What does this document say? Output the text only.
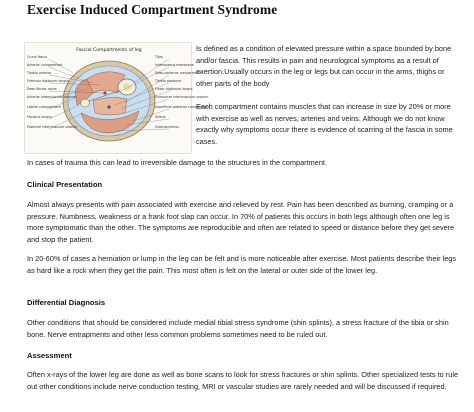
Exercise Induced Compartment Syndrome
Fascial Compartments of leg
Crural fascia
Anterior compartment
Tibialis anterior
Extensor digitorum longus
Deep fibular nerve
Anterior intermuscular septum
Lateral compartment
Fibularis longus
Posterior intermuscular septum
Tibia
Interosseous membrane
Deep posterior compartment
Tibialis posterior
Flexor digitorum longus
Transverse intermuscular septum
Superficial posterior compartment
Soleus
Gastrocnemius

Is defined as a condition of elevated pressure within a space bounded by bone and/or fascia. This results in pain and neurological symptoms as a result of exertion.Usually occurs in the leg or legs but can occur in the arms, thighs or other parts of the body

Each compartment contains muscles that can increase in size by 20% or more with exercise as well as nerves, arteries and veins. Although we do not know exactly why symptoms occur there is evidence of scarring of the fascia in some cases.

In cases of trauma this can lead to irreversible damage to the structures in the compartment.

Clinical Presentation

Almost always presents with pain associated with exercise and relieved by rest. Pain has been described as burning, cramping or a pressure. Numbness, weakness or a frank foot slap can occur. In 70% of patients this occurs in both legs although often one leg is more symptomatic than the other. The symptoms are reproducible and often are related to speed or distance before they get severe and stop the patient.

In 20-60% of cases a herniation or lump in the leg can be felt and is more noticeable after exercise. Most patients describe their legs as hard like a rock when they get the pain. This most often is felt on the lateral or outer side of the lower leg.

Differential Diagnosis

Other conditions that should be considered include medial tibial stress syndrome (shin splints), a stress fracture of the tibia or shin bone. Nerve entrapments and other less common problems sometimes need to be ruled out.

Assessment

Often x-rays of the lower leg are done as well as bone scans to look for stress fractures or shin splints. Other specialized tests to rule out other conditions include nerve conduction testing, MRI or vascular studies are rarely needed and will be discussed if required.
